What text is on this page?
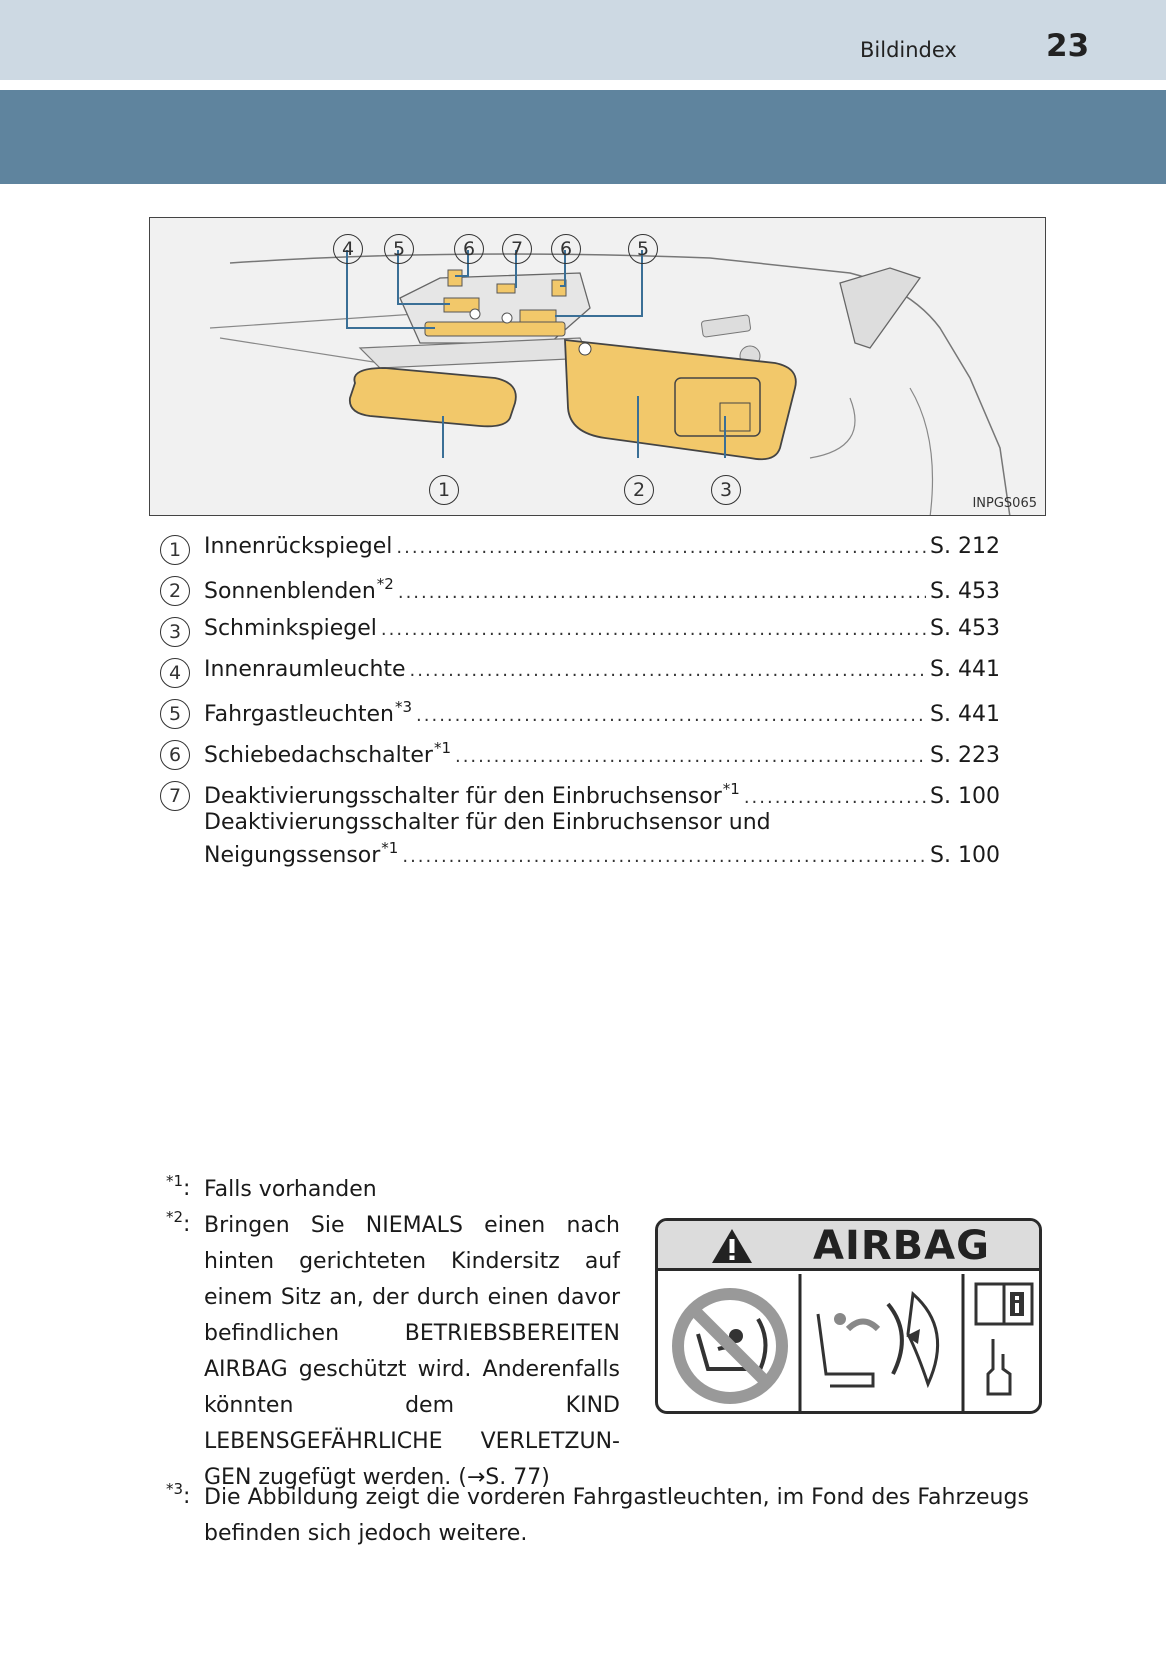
Bildindex	23
4	5	6	7	6	5
1	2	3
INPGS065
1	Innenrückspiegel .....	S. 212
2	Sonnenblenden$^{*2}$ .....	S. 453
3	Schminkspiegel .....	S. 453
4	Innenraumleuchte .....	S. 441
5	Fahrgastleuchten$^{*3}$ .....	S. 441
6	Schiebedachschalter$^{*1}$ .....	S. 223
7	Deaktivierungsschalter für den Einbruchsensor$^{*1}$ .....	S. 100
Deaktivierungsschalter für den Einbruchsensor und
Neigungssensor$^{*1}$ .....	S. 100
$^{*1}$: Falls vorhanden
$^{*2}$: Bringen Sie NIEMALS einen nach hinten gerichteten Kindersitz auf einem Sitz an, der durch einen davor befindlichen BETRIEBSBEREITEN AIRBAG geschützt wird. Anderenfalls könnten dem KIND LEBENSGEFÄHRLICHE VERLETZUN-GEN zugefügt werden. (→S. 77)
$^{*3}$: Die Abbildung zeigt die vorderen Fahrgastleuchten, im Fond des Fahrzeugs befinden sich jedoch weitere.
AIRBAG
